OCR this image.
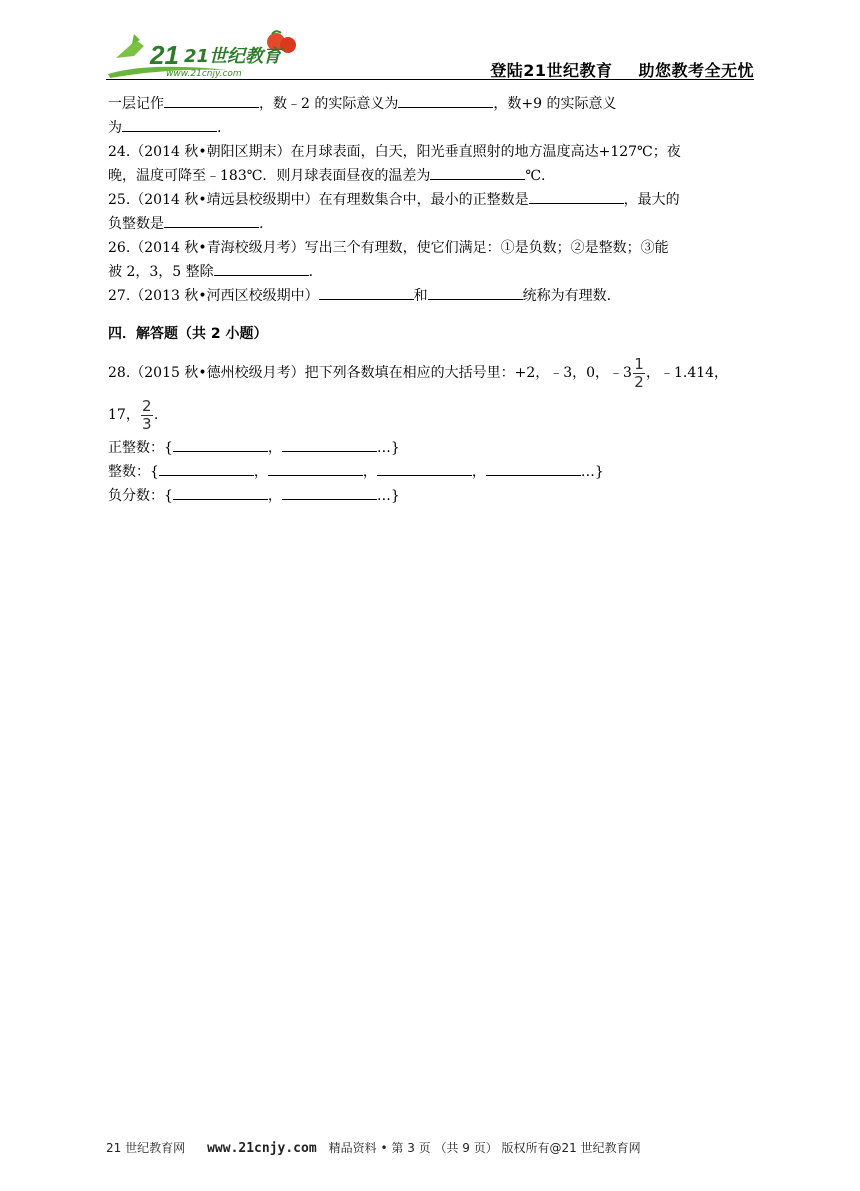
21 21世纪教育
www.21cnjy.com	登陆21世纪教育 助您教考全无忧
一层记作	，数﹣2 的实际意义为	，数+9 的实际意义
为	.
24.（2014 秋•朝阳区期末）在月球表面，白天，阳光垂直照射的地方温度高达+127℃；夜
晚，温度可降至﹣183℃．则月球表面昼夜的温差为	℃.
25.（2014 秋•靖远县校级期中）在有理数集合中，最小的正整数是	，最大的
负整数是	.
26.（2014 秋•青海校级月考）写出三个有理数，使它们满足：①是负数；②是整数；③能
被 2，3，5 整除	.
27.（2013 秋•河西区校级期中）	和	统称为有理数.
四．解答题（共 2 小题）
28.（2015 秋•德州校级月考）把下列各数填在相应的大括号里：+2，﹣3，0，﹣3 $\frac{1}{2}$ ，﹣1.414，
17， $\frac{2}{3}$ .
正整数：{	，	…}
整数：{	，	，	，	…}
负分数：{	，	…}
21 世纪教育网 www.21cnjy.com 精品资料 • 第 3 页 （共 9 页） 版权所有@21 世纪教育网
